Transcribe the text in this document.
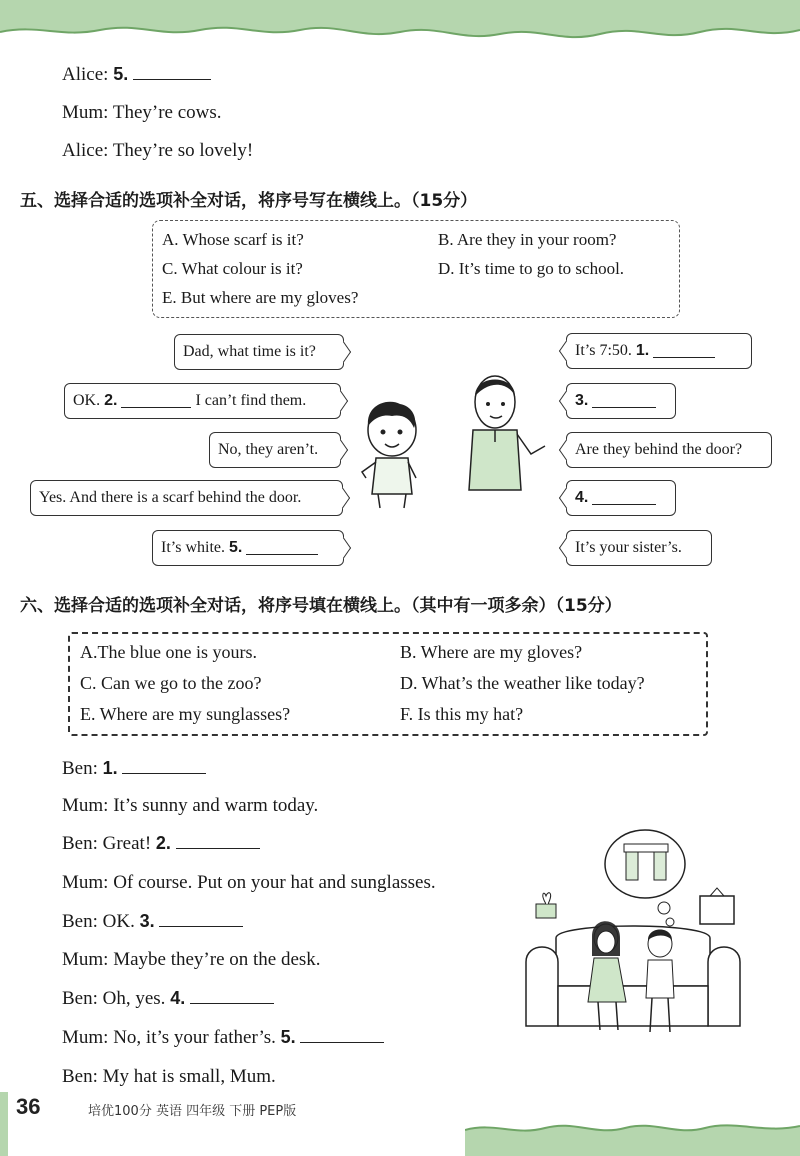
Alice: 5.
Mum: They’re cows.
Alice: They’re so lovely!
五、选择合适的选项补全对话，将序号写在横线上。（15分）
A. Whose scarf is it?	B. Are they in your room?
C. What colour is it?	D. It’s time to go to school.
E. But where are my gloves?
Dad, what time is it?
OK.
2.

	I can’t find them.
No, they aren’t.
Yes. And there is a scarf behind the door.
It’s white.
5.

It’s 7:50.
1.

3.

Are they behind the door?
4.

It’s your sister’s.
六、选择合适的选项补全对话，将序号填在横线上。（其中有一项多余）（15分）
A.The blue one is yours.	B. Where are my gloves?
C. Can we go to the zoo?	D. What’s the weather like today?
E. Where are my sunglasses?	F. Is this my hat?
Ben: 1.
Mum: It’s sunny and warm today.
Ben: Great! 2.
Mum: Of course. Put on your hat and sunglasses.
Ben: OK. 3.
Mum: Maybe they’re on the desk.
Ben: Oh, yes. 4.
Mum: No, it’s your father’s. 5.
Ben: My hat is small, Mum.
36	培优100分 英语 四年级 下册 PEP版
